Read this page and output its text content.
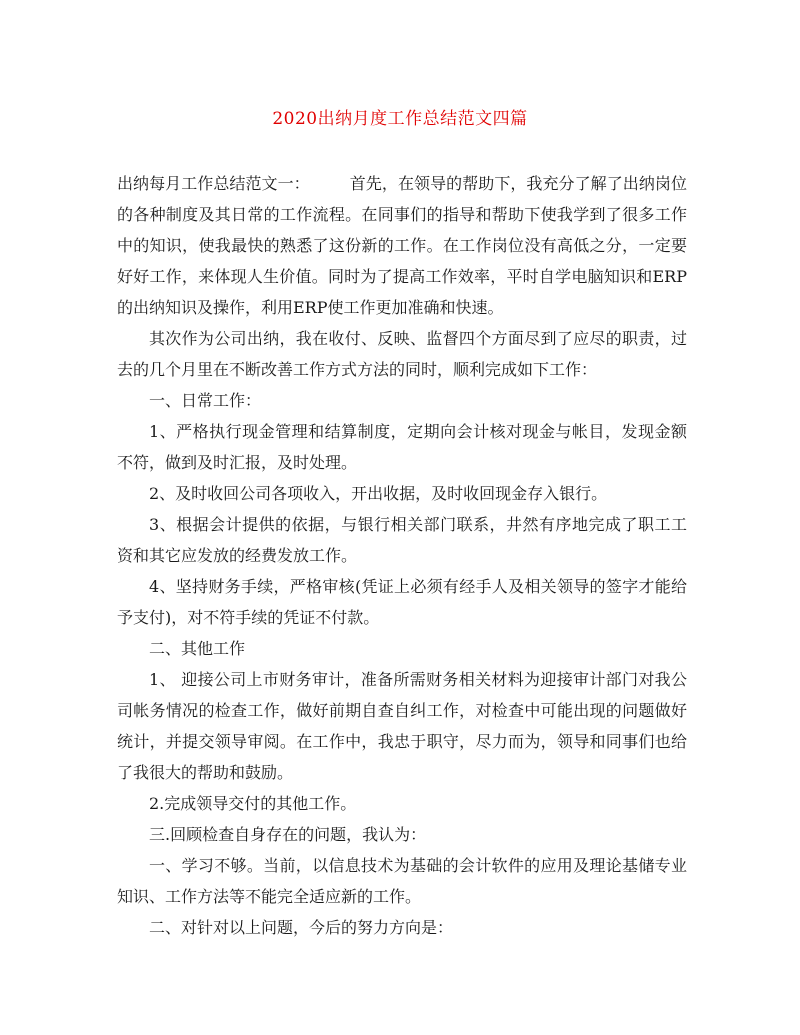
2020出纳月度工作总结范文四篇

出纳每月工作总结范文一：	首先，在领导的帮助下，我充分了解了出纳岗位的各种制度及其日常的工作流程。在同事们的指导和帮助下使我学到了很多工作中的知识，使我最快的熟悉了这份新的工作。在工作岗位没有高低之分，一定要好好工作，来体现人生价值。同时为了提高工作效率，平时自学电脑知识和ERP的出纳知识及操作，利用ERP使工作更加准确和快速。

其次作为公司出纳，我在收付、反映、监督四个方面尽到了应尽的职责，过去的几个月里在不断改善工作方式方法的同时，顺利完成如下工作：

一、日常工作：

1、严格执行现金管理和结算制度，定期向会计核对现金与帐目，发现金额不符，做到及时汇报，及时处理。

2、及时收回公司各项收入，开出收据，及时收回现金存入银行。

3、根据会计提供的依据，与银行相关部门联系，井然有序地完成了职工工资和其它应发放的经费发放工作。

4、坚持财务手续，严格审核(凭证上必须有经手人及相关领导的签字才能给予支付)，对不符手续的凭证不付款。

二、其他工作

1、 迎接公司上市财务审计，准备所需财务相关材料为迎接审计部门对我公司帐务情况的检查工作，做好前期自查自纠工作，对检查中可能出现的问题做好统计，并提交领导审阅。在工作中，我忠于职守，尽力而为，领导和同事们也给了我很大的帮助和鼓励。

2.完成领导交付的其他工作。

三.回顾检查自身存在的问题，我认为：

一、学习不够。当前，以信息技术为基础的会计软件的应用及理论基储专业知识、工作方法等不能完全适应新的工作。

二、对针对以上问题，今后的努力方向是：
